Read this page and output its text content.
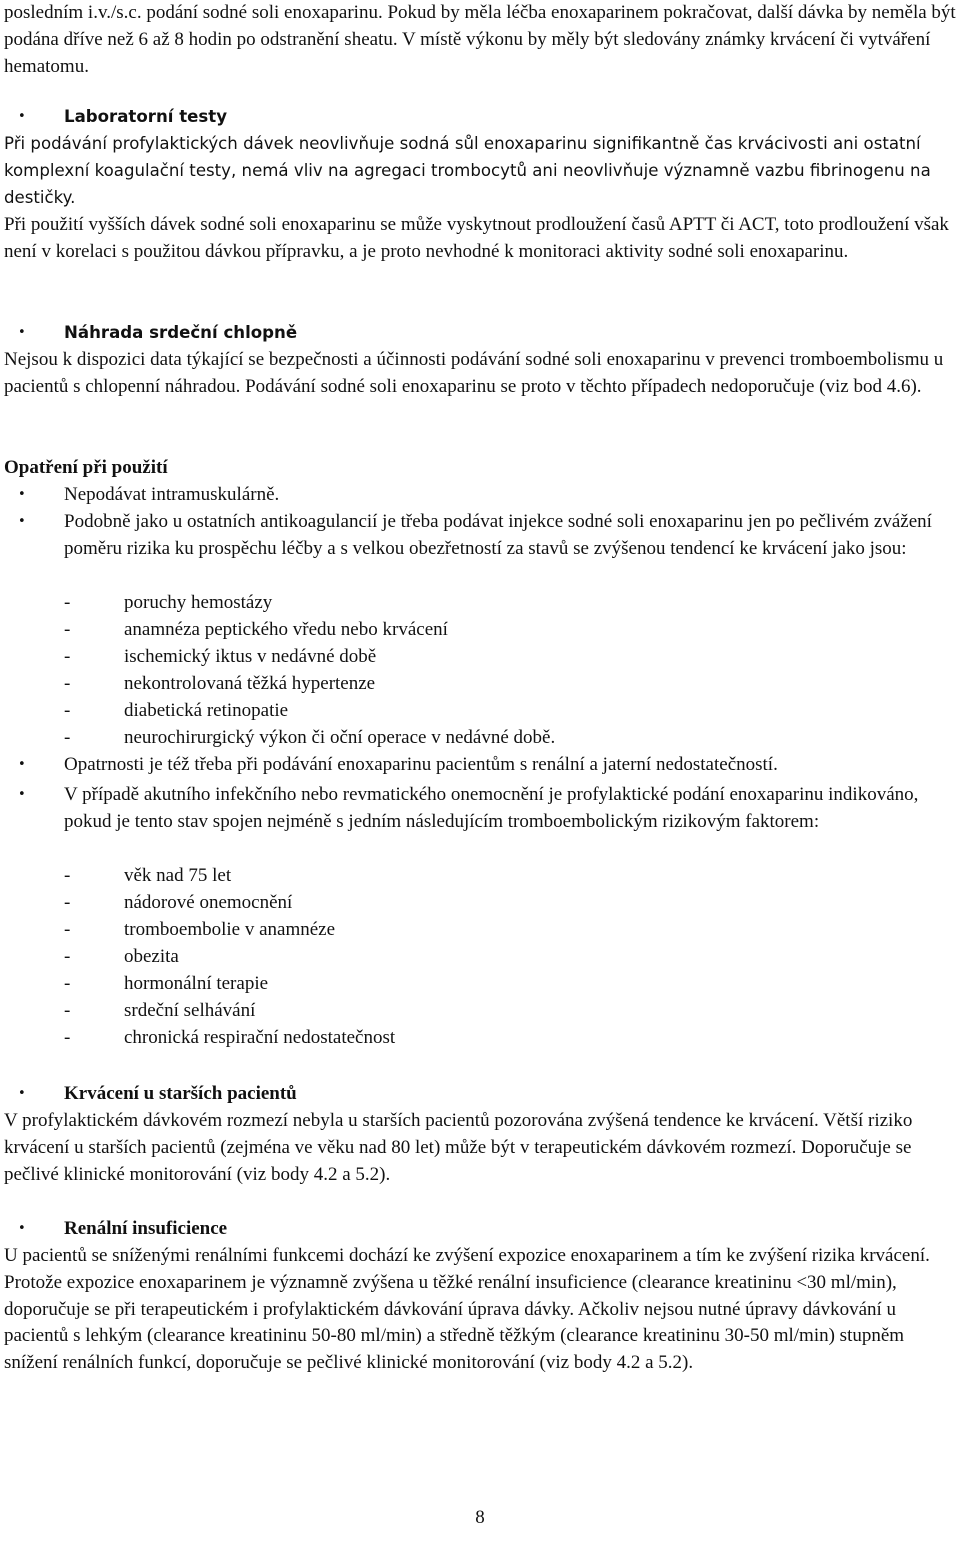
posledním i.v./s.c. podání sodné soli enoxaparinu. Pokud by měla léčba enoxaparinem pokračovat, další dávka by neměla být podána dříve než 6 až 8 hodin po odstranění sheatu. V místě výkonu by měly být sledovány známky krvácení či vytváření hematomu.

• Laboratorní testy

Při podávání profylaktických dávek neovlivňuje sodná sůl enoxaparinu signifikantně čas krvácivosti ani ostatní komplexní koagulační testy, nemá vliv na agregaci trombocytů ani neovlivňuje významně vazbu fibrinogenu na destičky.

Při použití vyšších dávek sodné soli enoxaparinu se může vyskytnout prodloužení časů APTT či ACT, toto prodloužení však není v korelaci s použitou dávkou přípravku, a je proto nevhodné k monitoraci aktivity sodné soli enoxaparinu.

• Náhrada srdeční chlopně

Nejsou k dispozici data týkající se bezpečnosti a účinnosti podávání sodné soli enoxaparinu v prevenci tromboembolismu u pacientů s chlopenní náhradou. Podávání sodné soli enoxaparinu se proto v těchto případech nedoporučuje (viz bod 4.6).

Opatření při použití
• Nepodávat intramuskulárně.
• Podobně jako u ostatních antikoagulancií je třeba podávat injekce sodné soli enoxaparinu jen po pečlivém zvážení poměru rizika ku prospěchu léčby a s velkou obezřetností za stavů se zvýšenou tendencí ke krvácení jako jsou:
-	poruchy hemostázy
-	anamnéza peptického vředu nebo krvácení
-	ischemický iktus v nedávné době
-	nekontrolovaná těžká hypertenze
-	diabetická retinopatie
-	neurochirurgický výkon či oční operace v nedávné době.
• Opatrnosti je též třeba při podávání enoxaparinu pacientům s renální a jaterní nedostatečností.
• V případě akutního infekčního nebo revmatického onemocnění je profylaktické podání enoxaparinu indikováno, pokud je tento stav spojen nejméně s jedním následujícím tromboembolickým rizikovým faktorem:
-	věk nad 75 let
-	nádorové onemocnění
-	tromboembolie v anamnéze
-	obezita
-	hormonální terapie
-	srdeční selhávání
-	chronická respirační nedostatečnost
• Krvácení u starších pacientů

V profylaktickém dávkovém rozmezí nebyla u starších pacientů pozorována zvýšená tendence ke krvácení. Větší riziko krvácení u starších pacientů (zejména ve věku nad 80 let) může být v terapeutickém dávkovém rozmezí. Doporučuje se pečlivé klinické monitorování (viz body 4.2 a 5.2).

• Renální insuficience

U pacientů se sníženými renálními funkcemi dochází ke zvýšení expozice enoxaparinem a tím ke zvýšení rizika krvácení. Protože expozice enoxaparinem je významně zvýšena u těžké renální insuficience (clearance kreatininu <30 ml/min), doporučuje se při terapeutickém i profylaktickém dávkování úprava dávky. Ačkoliv nejsou nutné úpravy dávkování u pacientů s lehkým (clearance kreatininu 50-80 ml/min) a středně těžkým (clearance kreatininu 30-50 ml/min) stupněm snížení renálních funkcí, doporučuje se pečlivé klinické monitorování (viz body 4.2 a 5.2).

8
